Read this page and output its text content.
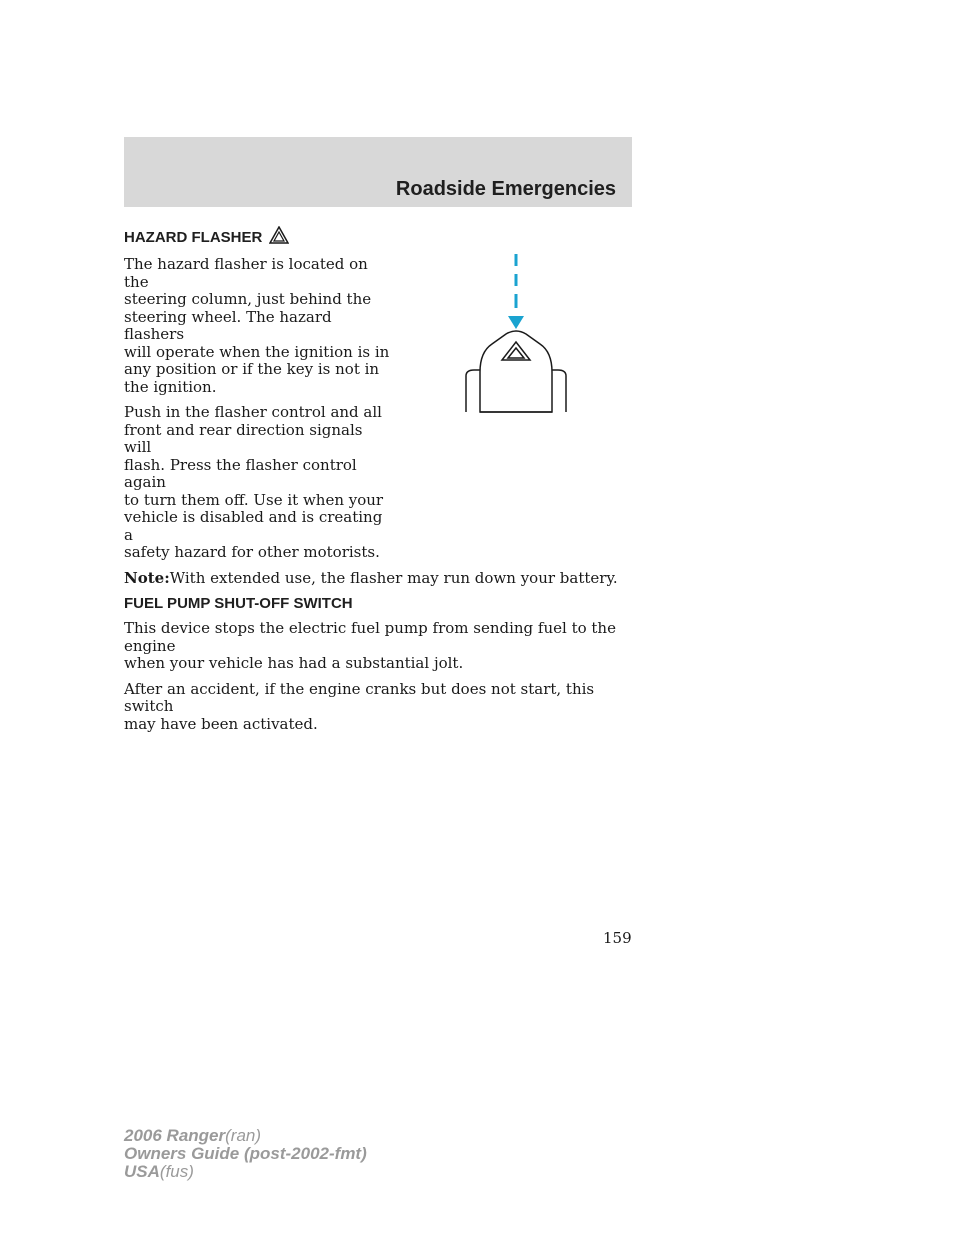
Roadside Emergencies
HAZARD FLASHER

The hazard flasher is located on the
steering column, just behind the
steering wheel. The hazard flashers
will operate when the ignition is in
any position or if the key is not in
the ignition.

Push in the flasher control and all
front and rear direction signals will
flash. Press the flasher control again
to turn them off. Use it when your
vehicle is disabled and is creating a
safety hazard for other motorists.

Note:With extended use, the flasher may run down your battery.

FUEL PUMP SHUT-OFF SWITCH

This device stops the electric fuel pump from sending fuel to the engine
when your vehicle has had a substantial jolt.

After an accident, if the engine cranks but does not start, this switch
may have been activated.

159
2006 Ranger(ran)
Owners Guide (post-2002-fmt)
USA(fus)
